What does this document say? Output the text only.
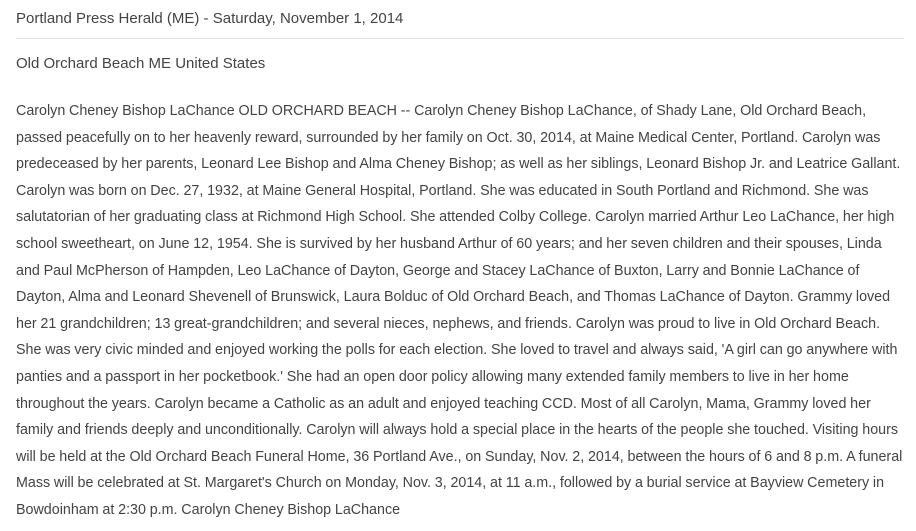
Portland Press Herald (ME) - Saturday, November 1, 2014

Old Orchard Beach ME United States

Carolyn Cheney Bishop LaChance OLD ORCHARD BEACH -- Carolyn Cheney Bishop LaChance, of Shady Lane, Old Orchard Beach, passed peacefully on to her heavenly reward, surrounded by her family on Oct. 30, 2014, at Maine Medical Center, Portland. Carolyn was predeceased by her parents, Leonard Lee Bishop and Alma Cheney Bishop; as well as her siblings, Leonard Bishop Jr. and Leatrice Gallant. Carolyn was born on Dec. 27, 1932, at Maine General Hospital, Portland. She was educated in South Portland and Richmond. She was salutatorian of her graduating class at Richmond High School. She attended Colby College. Carolyn married Arthur Leo LaChance, her high school sweetheart, on June 12, 1954. She is survived by her husband Arthur of 60 years; and her seven children and their spouses, Linda and Paul McPherson of Hampden, Leo LaChance of Dayton, George and Stacey LaChance of Buxton, Larry and Bonnie LaChance of Dayton, Alma and Leonard Shevenell of Brunswick, Laura Bolduc of Old Orchard Beach, and Thomas LaChance of Dayton. Grammy loved her 21 grandchildren; 13 great-grandchildren; and several nieces, nephews, and friends. Carolyn was proud to live in Old Orchard Beach. She was very civic minded and enjoyed working the polls for each election. She loved to travel and always said, 'A girl can go anywhere with panties and a passport in her pocketbook.' She had an open door policy allowing many extended family members to live in her home throughout the years. Carolyn became a Catholic as an adult and enjoyed teaching CCD. Most of all Carolyn, Mama, Grammy loved her family and friends deeply and unconditionally. Carolyn will always hold a special place in the hearts of the people she touched. Visiting hours will be held at the Old Orchard Beach Funeral Home, 36 Portland Ave., on Sunday, Nov. 2, 2014, between the hours of 6 and 8 p.m. A funeral Mass will be celebrated at St. Margaret's Church on Monday, Nov. 3, 2014, at 11 a.m., followed by a burial service at Bayview Cemetery in Bowdoinham at 2:30 p.m. Carolyn Cheney Bishop LaChance
